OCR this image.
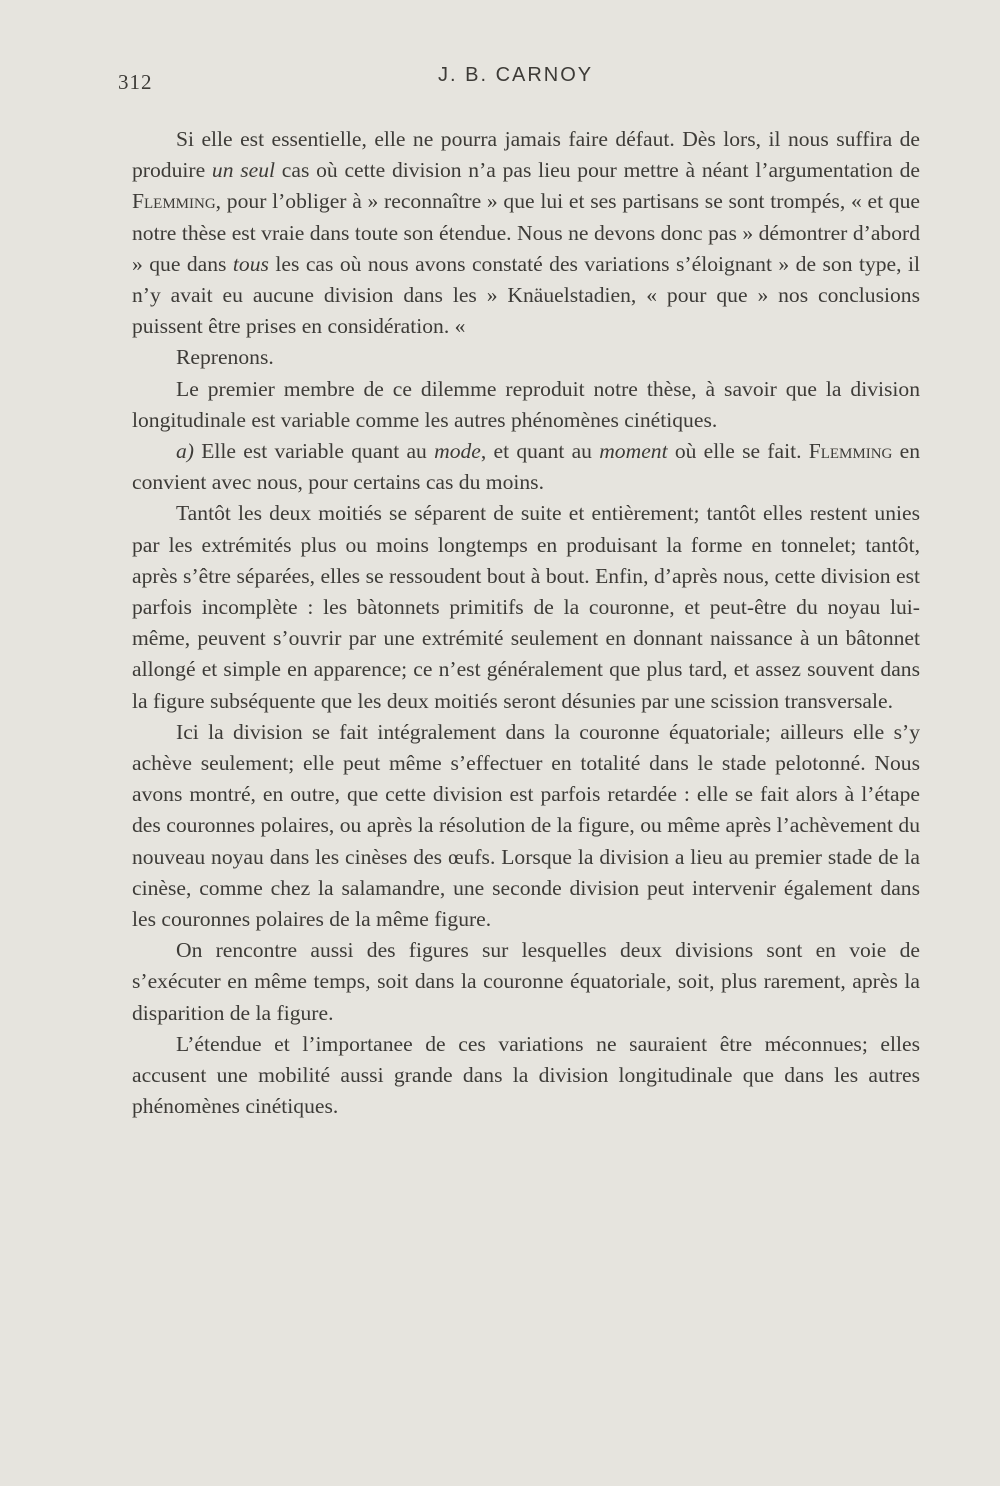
312	J. B. CARNOY

Si elle est essentielle, elle ne pourra jamais faire défaut. Dès lors, il nous suffira de produire un seul cas où cette division n’a pas lieu pour mettre à néant l’argumentation de Flemming, pour l’obliger à » reconnaître » que lui et ses partisans se sont trompés, « et que notre thèse est vraie dans toute son étendue. Nous ne devons donc pas » démontrer d’abord » que dans tous les cas où nous avons constaté des variations s’éloignant » de son type, il n’y avait eu aucune division dans les » Knäuelstadien, « pour que » nos conclusions puissent être prises en considération. «

Reprenons.

Le premier membre de ce dilemme reproduit notre thèse, à savoir que la division longitudinale est variable comme les autres phénomènes cinétiques.

a) Elle est variable quant au mode, et quant au moment où elle se fait. Flemming en convient avec nous, pour certains cas du moins.

Tantôt les deux moitiés se séparent de suite et entièrement; tantôt elles restent unies par les extrémités plus ou moins longtemps en produisant la forme en tonnelet; tantôt, après s’être séparées, elles se ressoudent bout à bout. Enfin, d’après nous, cette division est parfois incomplète : les bàtonnets primitifs de la couronne, et peut-être du noyau lui-même, peuvent s’ouvrir par une extrémité seulement en donnant naissance à un bâtonnet allongé et simple en apparence; ce n’est généralement que plus tard, et assez souvent dans la figure subséquente que les deux moitiés seront désunies par une scission transversale.

Ici la division se fait intégralement dans la couronne équatoriale; ailleurs elle s’y achève seulement; elle peut même s’effectuer en totalité dans le stade pelotonné. Nous avons montré, en outre, que cette division est parfois retardée : elle se fait alors à l’étape des couronnes polaires, ou après la résolution de la figure, ou même après l’achèvement du nouveau noyau dans les cinèses des œufs. Lorsque la division a lieu au premier stade de la cinèse, comme chez la salamandre, une seconde division peut intervenir également dans les couronnes polaires de la même figure.

On rencontre aussi des figures sur lesquelles deux divisions sont en voie de s’exécuter en même temps, soit dans la couronne équatoriale, soit, plus rarement, après la disparition de la figure.

L’étendue et l’importanee de ces variations ne sauraient être méconnues; elles accusent une mobilité aussi grande dans la division longitudinale que dans les autres phénomènes cinétiques.
